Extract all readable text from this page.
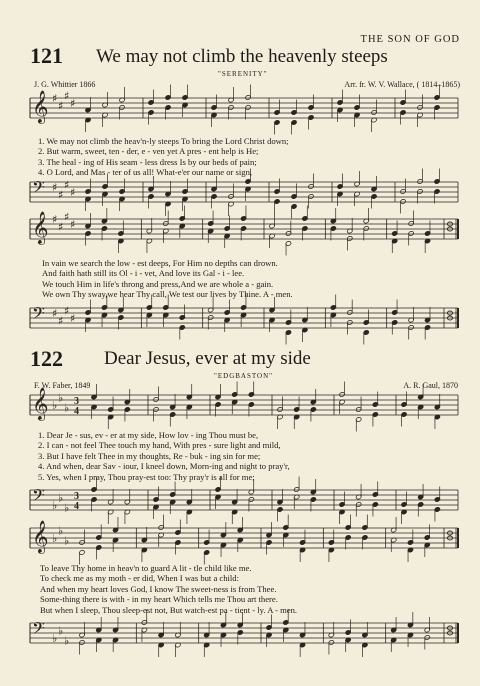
THE SON OF GOD
121 We may not climb the heavenly steeps
"SERENITY"
J. G. Whittier 1866	Arr. fr. W. V. Wallace, ( 1814–1865)
𝄞 ♯
♯
♯
♯
1. We may not climb the heav'n-ly steeps To bring the Lord Christ down;
2. But warm, sweet, ten - der, e - ven yet A pres - ent help is He;
3. The heal - ing of His seam - less dress Is by our beds of pain;
4. O Lord, and Mas - ter of us all! What-e'er our name or sign,
𝄢 ♯
♯
♯
♯
𝄞 ♯
♯
♯
♯
In vain we search the low - est deeps, For Him no depths can drown.
And faith hath still its Ol - i - vet, And love its Gal - i - lee.
We touch Him in life's throng and press,And we are whole a - gain.
We own Thy sway,we hear Thy call, We test our lives by Thine. A - men.
𝄢 ♯
♯
♯
♯
122 Dear Jesus, ever at my side
"EDGBASTON"
F. W. Faber, 1849	A. R. Gaul, 1870
𝄞 ♭
♭
♭ 3
4
1. Dear Je - sus, ev - er at my side, How lov - ing Thou must be,
2. I can - not feel Thee touch my hand, With pres - sure light and mild,
3. But I have felt Thee in my thoughts, Re - buk - ing sin for me;
4. And when, dear Sav - iour, I kneel down, Morn-ing and night to pray'r,
5. Yes, when I pray, Thou pray-est too: Thy pray'r is all for me;
𝄢 ♭
♭
♭
3
4
𝄞 ♭
♭
♭
To leave Thy home in heav'n to guard A lit - tle child like me.
To check me as my moth - er did, When I was but a child:
And when my heart loves God, I know The sweet-ness is from Thee.
Some-thing there is with - in my heart Which tells me Thou art there.
But when I sleep, Thou sleep-est not, But watch-est pa - tient - ly. A - men.
𝄢 ♭
♭
♭
